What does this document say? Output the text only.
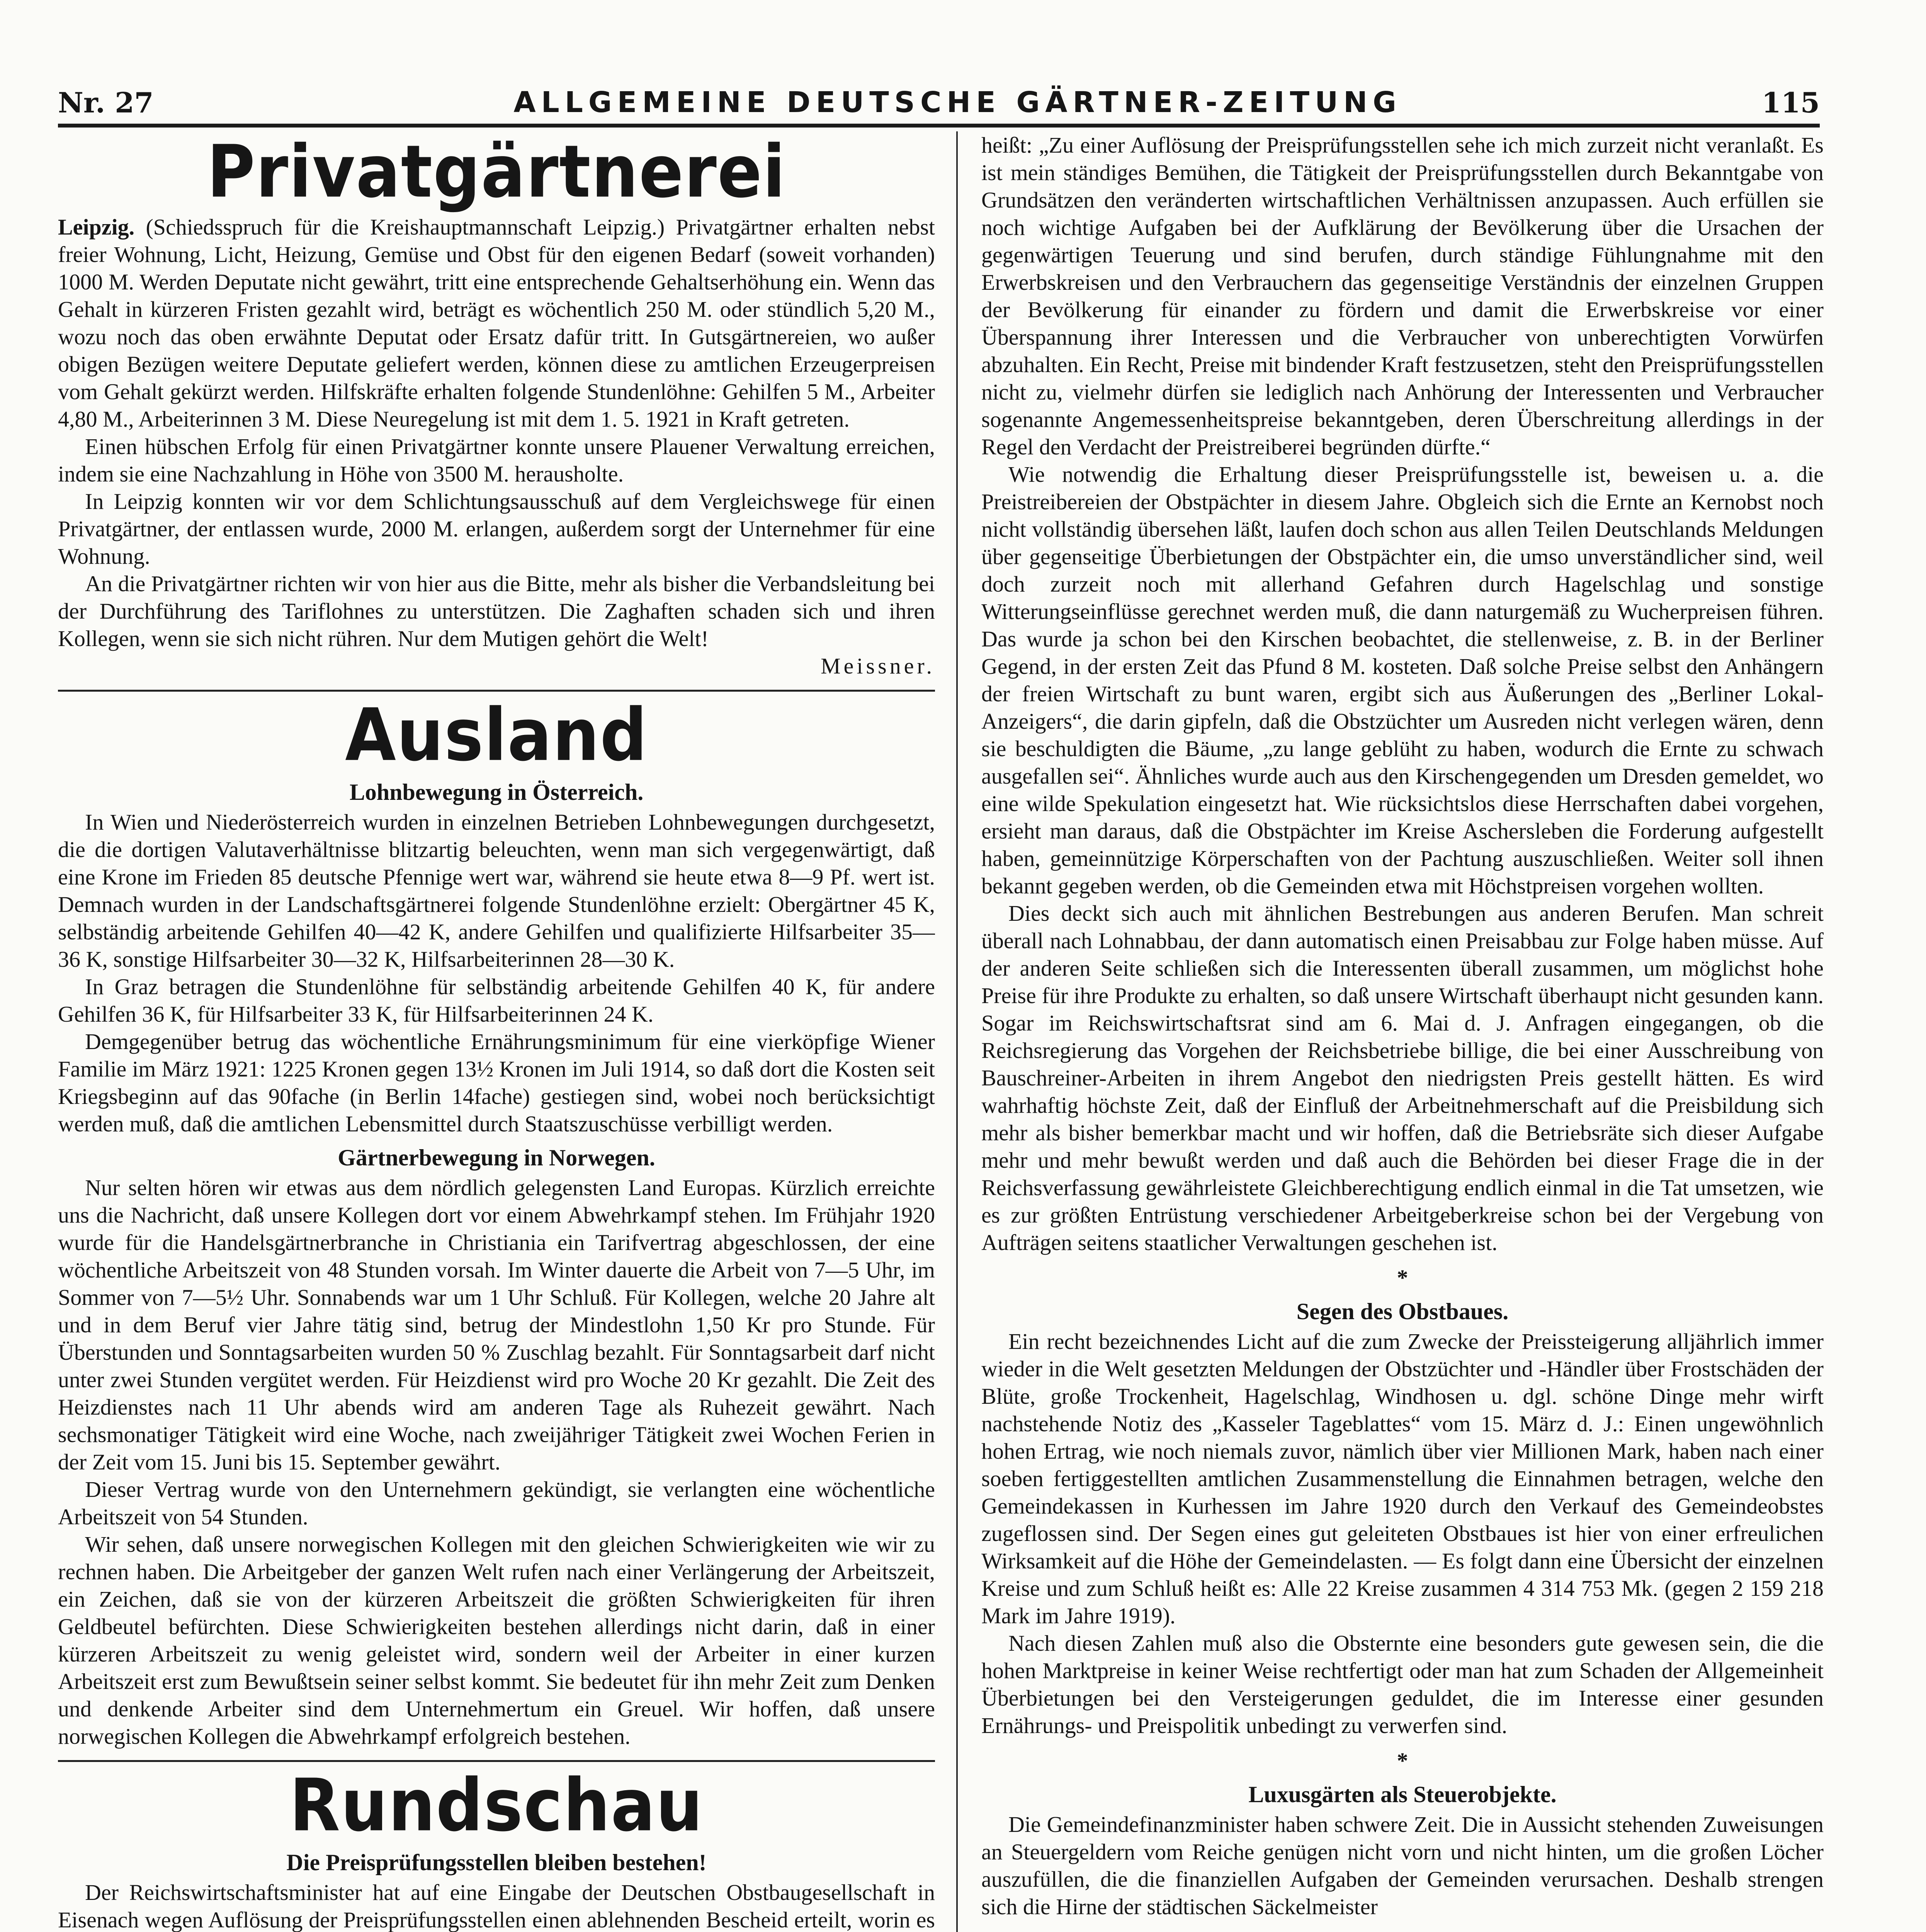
Nr. 27	ALLGEMEINE DEUTSCHE GÄRTNER-ZEITUNG	115
Privatgärtnerei

Leipzig. (Schiedsspruch für die Kreishauptmannschaft Leipzig.) Privatgärtner erhalten nebst freier Wohnung, Licht, Heizung, Gemüse und Obst für den eigenen Bedarf (soweit vorhanden) 1000 M. Werden Deputate nicht gewährt, tritt eine entsprechende Gehaltserhöhung ein. Wenn das Gehalt in kürzeren Fristen gezahlt wird, beträgt es wöchentlich 250 M. oder stündlich 5,20 M., wozu noch das oben erwähnte Deputat oder Ersatz dafür tritt. In Gutsgärtnereien, wo außer obigen Bezügen weitere Deputate geliefert werden, können diese zu amtlichen Erzeugerpreisen vom Gehalt gekürzt werden. Hilfskräfte erhalten folgende Stundenlöhne: Gehilfen 5 M., Arbeiter 4,80 M., Arbeiterinnen 3 M. Diese Neuregelung ist mit dem 1. 5. 1921 in Kraft getreten.

Einen hübschen Erfolg für einen Privatgärtner konnte unsere Plauener Verwaltung erreichen, indem sie eine Nachzahlung in Höhe von 3500 M. herausholte.

In Leipzig konnten wir vor dem Schlichtungsausschuß auf dem Vergleichswege für einen Privatgärtner, der entlassen wurde, 2000 M. erlangen, außerdem sorgt der Unternehmer für eine Wohnung.

An die Privatgärtner richten wir von hier aus die Bitte, mehr als bisher die Verbandsleitung bei der Durchführung des Tariflohnes zu unterstützen. Die Zaghaften schaden sich und ihren Kollegen, wenn sie sich nicht rühren. Nur dem Mutigen gehört die Welt!

Meissner.
Ausland
Lohnbewegung in Österreich.

In Wien und Niederösterreich wurden in einzelnen Betrieben Lohnbewegungen durchgesetzt, die die dortigen Valutaverhältnisse blitzartig beleuchten, wenn man sich vergegenwärtigt, daß eine Krone im Frieden 85 deutsche Pfennige wert war, während sie heute etwa 8—9 Pf. wert ist. Demnach wurden in der Landschaftsgärtnerei folgende Stundenlöhne erzielt: Obergärtner 45 K, selbständig arbeitende Gehilfen 40—42 K, andere Gehilfen und qualifizierte Hilfsarbeiter 35—36 K, sonstige Hilfsarbeiter 30—32 K, Hilfsarbeiterinnen 28—30 K.

In Graz betragen die Stundenlöhne für selbständig arbeitende Gehilfen 40 K, für andere Gehilfen 36 K, für Hilfsarbeiter 33 K, für Hilfsarbeiterinnen 24 K.

Demgegenüber betrug das wöchentliche Ernährungsminimum für eine vierköpfige Wiener Familie im März 1921: 1225 Kronen gegen 13½ Kronen im Juli 1914, so daß dort die Kosten seit Kriegsbeginn auf das 90fache (in Berlin 14fache) gestiegen sind, wobei noch berücksichtigt werden muß, daß die amtlichen Lebensmittel durch Staatszuschüsse verbilligt werden.

Gärtnerbewegung in Norwegen.

Nur selten hören wir etwas aus dem nördlich gelegensten Land Europas. Kürzlich erreichte uns die Nachricht, daß unsere Kollegen dort vor einem Abwehrkampf stehen. Im Frühjahr 1920 wurde für die Handelsgärtnerbranche in Christiania ein Tarifvertrag abgeschlossen, der eine wöchentliche Arbeitszeit von 48 Stunden vorsah. Im Winter dauerte die Arbeit von 7—5 Uhr, im Sommer von 7—5½ Uhr. Sonnabends war um 1 Uhr Schluß. Für Kollegen, welche 20 Jahre alt und in dem Beruf vier Jahre tätig sind, betrug der Mindestlohn 1,50 Kr pro Stunde. Für Überstunden und Sonntagsarbeiten wurden 50 % Zuschlag bezahlt. Für Sonntagsarbeit darf nicht unter zwei Stunden vergütet werden. Für Heizdienst wird pro Woche 20 Kr gezahlt. Die Zeit des Heizdienstes nach 11 Uhr abends wird am anderen Tage als Ruhezeit gewährt. Nach sechsmonatiger Tätigkeit wird eine Woche, nach zweijähriger Tätigkeit zwei Wochen Ferien in der Zeit vom 15. Juni bis 15. September gewährt.

Dieser Vertrag wurde von den Unternehmern gekündigt, sie verlangten eine wöchentliche Arbeitszeit von 54 Stunden.

Wir sehen, daß unsere norwegischen Kollegen mit den gleichen Schwierigkeiten wie wir zu rechnen haben. Die Arbeitgeber der ganzen Welt rufen nach einer Verlängerung der Arbeitszeit, ein Zeichen, daß sie von der kürzeren Arbeitszeit die größten Schwierigkeiten für ihren Geldbeutel befürchten. Diese Schwierigkeiten bestehen allerdings nicht darin, daß in einer kürzeren Arbeitszeit zu wenig geleistet wird, sondern weil der Arbeiter in einer kurzen Arbeitszeit erst zum Bewußtsein seiner selbst kommt. Sie bedeutet für ihn mehr Zeit zum Denken und denkende Arbeiter sind dem Unternehmertum ein Greuel. Wir hoffen, daß unsere norwegischen Kollegen die Abwehrkampf erfolgreich bestehen.

Rundschau
Die Preisprüfungsstellen bleiben bestehen!

Der Reichswirtschaftsminister hat auf eine Eingabe der Deutschen Obstbaugesellschaft in Eisenach wegen Auflösung der Preisprüfungsstellen einen ablehnenden Bescheid erteilt, worin es

heißt: „Zu einer Auflösung der Preisprüfungsstellen sehe ich mich zurzeit nicht veranlaßt. Es ist mein ständiges Bemühen, die Tätigkeit der Preisprüfungsstellen durch Bekanntgabe von Grundsätzen den veränderten wirtschaftlichen Verhältnissen anzupassen. Auch erfüllen sie noch wichtige Aufgaben bei der Aufklärung der Bevölkerung über die Ursachen der gegenwärtigen Teuerung und sind berufen, durch ständige Fühlungnahme mit den Erwerbskreisen und den Verbrauchern das gegenseitige Verständnis der einzelnen Gruppen der Bevölkerung für einander zu fördern und damit die Erwerbskreise vor einer Überspannung ihrer Interessen und die Verbraucher von unberechtigten Vorwürfen abzuhalten. Ein Recht, Preise mit bindender Kraft festzusetzen, steht den Preisprüfungsstellen nicht zu, vielmehr dürfen sie lediglich nach Anhörung der Interessenten und Verbraucher sogenannte Angemessenheitspreise bekanntgeben, deren Überschreitung allerdings in der Regel den Verdacht der Preistreiberei begründen dürfte.“

Wie notwendig die Erhaltung dieser Preisprüfungsstelle ist, beweisen u. a. die Preistreibereien der Obstpächter in diesem Jahre. Obgleich sich die Ernte an Kernobst noch nicht vollständig übersehen läßt, laufen doch schon aus allen Teilen Deutschlands Meldungen über gegenseitige Überbietungen der Obstpächter ein, die umso unverständlicher sind, weil doch zurzeit noch mit allerhand Gefahren durch Hagelschlag und sonstige Witterungseinflüsse gerechnet werden muß, die dann naturgemäß zu Wucherpreisen führen. Das wurde ja schon bei den Kirschen beobachtet, die stellenweise, z. B. in der Berliner Gegend, in der ersten Zeit das Pfund 8 M. kosteten. Daß solche Preise selbst den Anhängern der freien Wirtschaft zu bunt waren, ergibt sich aus Äußerungen des „Berliner Lokal-Anzeigers“, die darin gipfeln, daß die Obstzüchter um Ausreden nicht verlegen wären, denn sie beschuldigten die Bäume, „zu lange geblüht zu haben, wodurch die Ernte zu schwach ausgefallen sei“. Ähnliches wurde auch aus den Kirschengegenden um Dresden gemeldet, wo eine wilde Spekulation eingesetzt hat. Wie rücksichtslos diese Herrschaften dabei vorgehen, ersieht man daraus, daß die Obstpächter im Kreise Aschersleben die Forderung aufgestellt haben, gemeinnützige Körperschaften von der Pachtung auszuschließen. Weiter soll ihnen bekannt gegeben werden, ob die Gemeinden etwa mit Höchstpreisen vorgehen wollten.

Dies deckt sich auch mit ähnlichen Bestrebungen aus anderen Berufen. Man schreit überall nach Lohnabbau, der dann automatisch einen Preisabbau zur Folge haben müsse. Auf der anderen Seite schließen sich die Interessenten überall zusammen, um möglichst hohe Preise für ihre Produkte zu erhalten, so daß unsere Wirtschaft überhaupt nicht gesunden kann. Sogar im Reichswirtschaftsrat sind am 6. Mai d. J. Anfragen eingegangen, ob die Reichsregierung das Vorgehen der Reichsbetriebe billige, die bei einer Ausschreibung von Bauschreiner-Arbeiten in ihrem Angebot den niedrigsten Preis gestellt hätten. Es wird wahrhaftig höchste Zeit, daß der Einfluß der Arbeitnehmerschaft auf die Preisbildung sich mehr als bisher bemerkbar macht und wir hoffen, daß die Betriebsräte sich dieser Aufgabe mehr und mehr bewußt werden und daß auch die Behörden bei dieser Frage die in der Reichsverfassung gewährleistete Gleichberechtigung endlich einmal in die Tat umsetzen, wie es zur größten Entrüstung verschiedener Arbeitgeberkreise schon bei der Vergebung von Aufträgen seitens staatlicher Verwaltungen geschehen ist.

*
Segen des Obstbaues.

Ein recht bezeichnendes Licht auf die zum Zwecke der Preissteigerung alljährlich immer wieder in die Welt gesetzten Meldungen der Obstzüchter und -Händler über Frostschäden der Blüte, große Trockenheit, Hagelschlag, Windhosen u. dgl. schöne Dinge mehr wirft nachstehende Notiz des „Kasseler Tageblattes“ vom 15. März d. J.: Einen ungewöhnlich hohen Ertrag, wie noch niemals zuvor, nämlich über vier Millionen Mark, haben nach einer soeben fertiggestellten amtlichen Zusammenstellung die Einnahmen betragen, welche den Gemeindekassen in Kurhessen im Jahre 1920 durch den Verkauf des Gemeindeobstes zugeflossen sind. Der Segen eines gut geleiteten Obstbaues ist hier von einer erfreulichen Wirksamkeit auf die Höhe der Gemeindelasten. — Es folgt dann eine Übersicht der einzelnen Kreise und zum Schluß heißt es: Alle 22 Kreise zusammen 4 314 753 Mk. (gegen 2 159 218 Mark im Jahre 1919).

Nach diesen Zahlen muß also die Obsternte eine besonders gute gewesen sein, die die hohen Marktpreise in keiner Weise rechtfertigt oder man hat zum Schaden der Allgemeinheit Überbietungen bei den Versteigerungen geduldet, die im Interesse einer gesunden Ernährungs- und Preispolitik unbedingt zu verwerfen sind.

*
Luxusgärten als Steuerobjekte.

Die Gemeindefinanzminister haben schwere Zeit. Die in Aussicht stehenden Zuweisungen an Steuergeldern vom Reiche genügen nicht vorn und nicht hinten, um die großen Löcher auszufüllen, die die finanziellen Aufgaben der Gemeinden verursachen. Deshalb strengen sich die Hirne der städtischen Säckelmeister
